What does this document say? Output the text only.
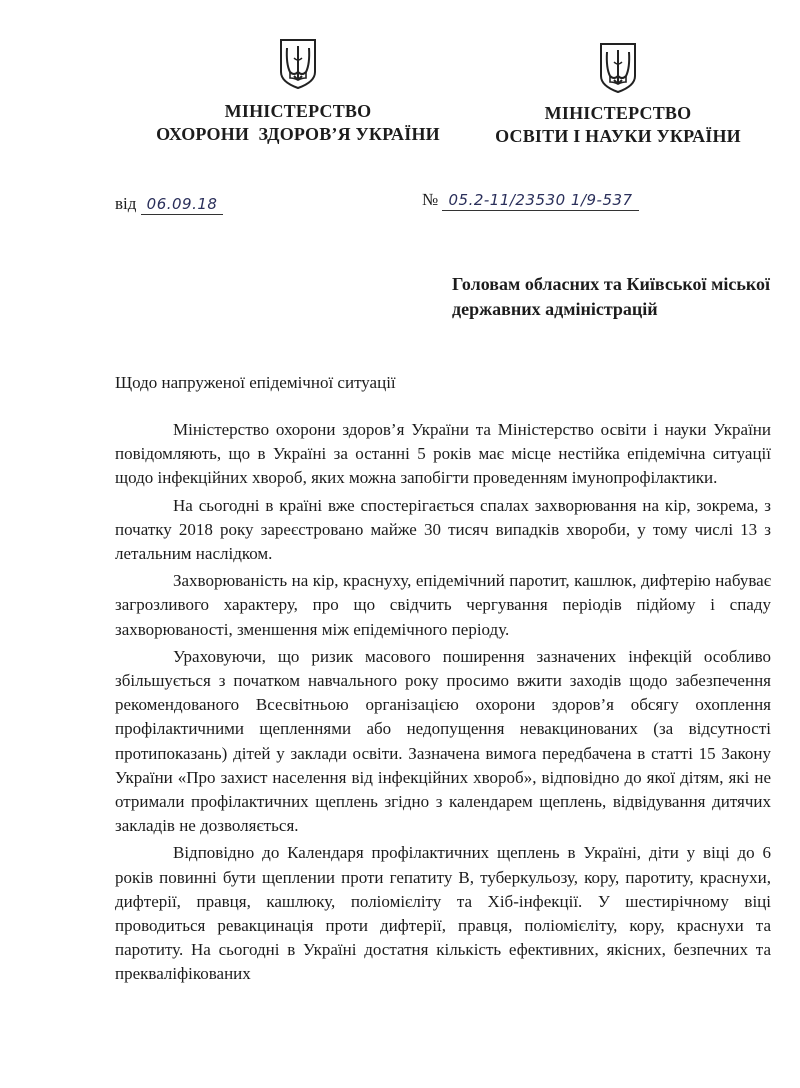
МІНІСТЕРСТВО
ОХОРОНИ  ЗДОРОВ’Я УКРАЇНИ
МІНІСТЕРСТВО
ОСВІТИ І НАУКИ УКРАЇНИ
від 06.09.18	№ 05.2-11/23530 1/9-537
Головам обласних та Київської міської державних адміністрацій
Щодо напруженої епідемічної ситуації

Міністерство охорони здоров’я України та Міністерство освіти і науки України повідомляють, що в Україні за останні 5 років має місце нестійка епідемічна ситуації щодо інфекційних хвороб, яких можна запобігти проведенням імунопрофілактики.

На сьогодні в країні вже спостерігається спалах захворювання на кір, зокрема, з початку 2018 року зареєстровано майже 30 тисяч випадків хвороби, у тому числі 13 з летальним наслідком.

Захворюваність на кір, краснуху, епідемічний паротит, кашлюк, дифтерію набуває загрозливого характеру, про що свідчить чергування періодів підйому і спаду захворюваності, зменшення між епідемічного періоду.

Ураховуючи, що ризик масового поширення зазначених інфекцій особливо збільшується з початком навчального року просимо вжити заходів щодо забезпечення рекомендованого Всесвітньою організацією охорони здоров’я обсягу охоплення профілактичними щепленнями або недопущення невакцинованих (за відсутності протипоказань) дітей у заклади освіти. Зазначена вимога передбачена в статті 15 Закону України «Про захист населення від інфекційних хвороб», відповідно до якої дітям, які не отримали профілактичних щеплень згідно з календарем щеплень, відвідування дитячих закладів не дозволяється.

Відповідно до Календаря профілактичних щеплень в Україні, діти у віці до 6 років повинні бути щеплении проти гепатиту В, туберкульозу, кору, паротиту, краснухи, дифтерії, правця, кашлюку, поліомієліту та Хіб-інфекції. У шестирічному віці проводиться ревакцинація проти дифтерії, правця, поліомієліту, кору, краснухи та паротиту. На сьогодні в Україні достатня кількість ефективних, якісних, безпечних та преквалiфiкованих
